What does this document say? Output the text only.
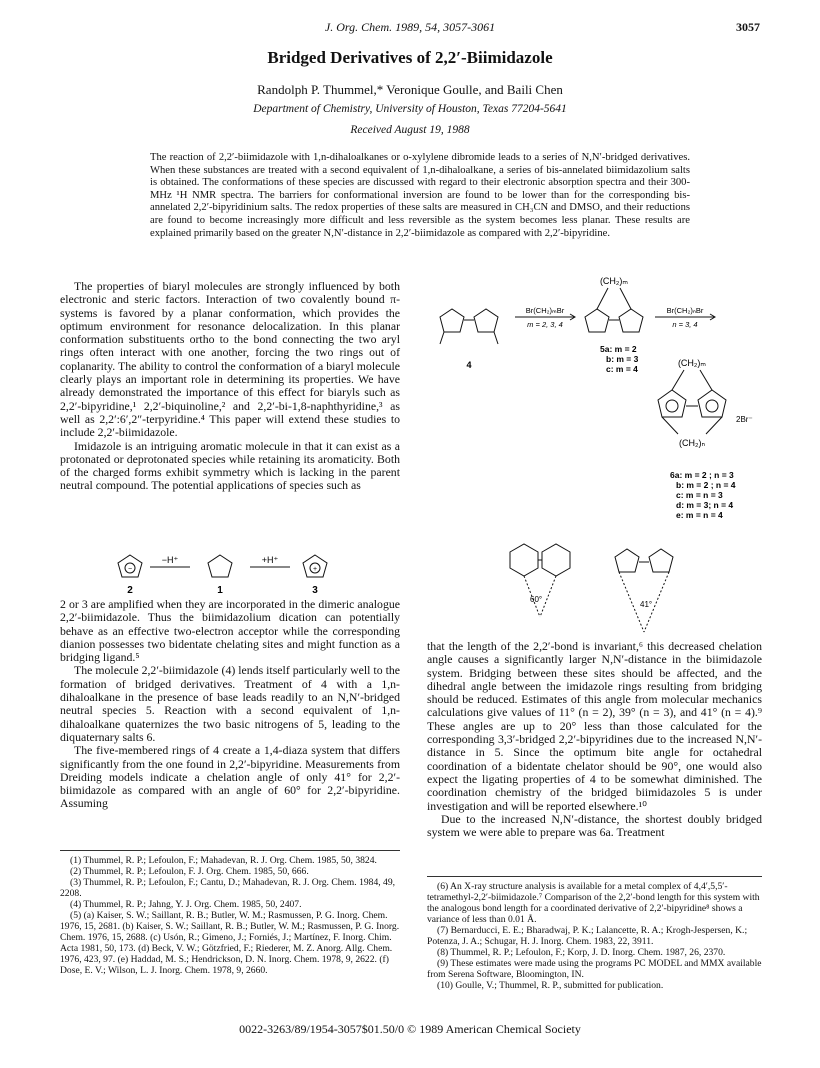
J. Org. Chem. 1989, 54, 3057-3061	3057
Bridged Derivatives of 2,2′-Biimidazole
Randolph P. Thummel,* Veronique Goulle, and Baili Chen
Department of Chemistry, University of Houston, Texas 77204-5641
Received August 19, 1988
The reaction of 2,2′-biimidazole with 1,n-dihaloalkanes or o-xylylene dibromide leads to a series of N,N′-bridged derivatives. When these substances are treated with a second equivalent of 1,n-dihaloalkane, a series of bis-annelated biimidazolium salts is obtained. The conformations of these species are discussed with regard to their electronic absorption spectra and their 300-MHz ¹H NMR spectra. The barriers for conformational inversion are found to be lower than for the corresponding bis-annelated 2,2′-bipyridinium salts. The redox properties of these salts are measured in CH₃CN and DMSO, and their reductions are found to become increasingly more difficult and less reversible as the system becomes less planar. These results are explained primarily based on the greater N,N′-distance in 2,2′-biimidazole as compared with 2,2′-bipyridine.

The properties of biaryl molecules are strongly influenced by both electronic and steric factors. Interaction of two covalently bound π-systems is favored by a planar conformation, which provides the optimum environment for resonance delocalization. In this planar conformation substituents ortho to the bond connecting the two aryl rings often interact with one another, forcing the two rings out of coplanarity. The ability to control the conformation of a biaryl molecule clearly plays an important role in determining its properties. We have already demonstrated the importance of this effect for biaryls such as 2,2′-bipyridine,¹ 2,2′-biquinoline,² and 2,2′-bi-1,8-naphthyridine,³ as well as 2,2′:6′,2″-terpyridine.⁴ This paper will extend these studies to include 2,2′-biimidazole.

Imidazole is an intriguing aromatic molecule in that it can exist as a protonated or deprotonated species while retaining its aromaticity. Both of the charged forms exhibit symmetry which is lacking in the parent neutral compound. The potential applications of species such as

−	+
−H⁺	+H⁺
2	1	3

2 or 3 are amplified when they are incorporated in the dimeric analogue 2,2′-biimidazole. Thus the biimidazolium dication can potentially behave as an effective two-electron acceptor while the corresponding dianion possesses two bidentate chelating sites and might function as a bridging ligand.⁵

The molecule 2,2′-biimidazole (4) lends itself particularly well to the formation of bridged derivatives. Treatment of 4 with a 1,n-dihaloalkane in the presence of base leads readily to an N,N′-bridged neutral species 5. Reaction with a second equivalent of 1,n-dihaloalkane quaternizes the two basic nitrogens of 5, leading to the diquaternary salts 6.

The five-membered rings of 4 create a 1,4-diaza system that differs significantly from the one found in 2,2′-bipyridine. Measurements from Dreiding models indicate a chelation angle of only 41° for 2,2′-biimidazole as compared with an angle of 60° for 2,2′-bipyridine. Assuming

(CH₂)ₘ
Br(CH₂)ₘBr
m = 2, 3, 4
Br(CH₂)ₙBr
n = 3, 4
4
5a: m = 2
b: m = 3
c: m = 4
(CH₂)ₘ
(CH₂)ₙ
2Br⁻
6a: m = 2 ; n = 3
b: m = 2 ; n = 4
c: m = n = 3
d: m = 3; n = 4
e: m = n = 4
60°
41°

that the length of the 2,2′-bond is invariant,⁶ this decreased chelation angle causes a significantly larger N,N′-distance in the biimidazole system. Bridging between these sites should be affected, and the dihedral angle between the imidazole rings resulting from bridging should be reduced. Estimates of this angle from molecular mechanics calculations give values of 11° (n = 2), 39° (n = 3), and 41° (n = 4).⁹ These angles are up to 20° less than those calculated for the corresponding 3,3′-bridged 2,2′-bipyridines due to the increased N,N′-distance in 5. Since the optimum bite angle for octahedral coordination of a bidentate chelator should be 90°, one would also expect the ligating properties of 4 to be somewhat diminished. The coordination chemistry of the bridged biimidazoles 5 is under investigation and will be reported elsewhere.¹⁰

Due to the increased N,N′-distance, the shortest doubly bridged system we were able to prepare was 6a. Treatment

(1) Thummel, R. P.; Lefoulon, F.; Mahadevan, R. J. Org. Chem. 1985, 50, 3824.

(2) Thummel, R. P.; Lefoulon, F. J. Org. Chem. 1985, 50, 666.

(3) Thummel, R. P.; Lefoulon, F.; Cantu, D.; Mahadevan, R. J. Org. Chem. 1984, 49, 2208.

(4) Thummel, R. P.; Jahng, Y. J. Org. Chem. 1985, 50, 2407.

(5) (a) Kaiser, S. W.; Saillant, R. B.; Butler, W. M.; Rasmussen, P. G. Inorg. Chem. 1976, 15, 2681. (b) Kaiser, S. W.; Saillant, R. B.; Butler, W. M.; Rasmussen, P. G. Inorg. Chem. 1976, 15, 2688. (c) Usón, R.; Gimeno, J.; Forniés, J.; Martínez, F. Inorg. Chim. Acta 1981, 50, 173. (d) Beck, V. W.; Götzfried, F.; Riederer, M. Z. Anorg. Allg. Chem. 1976, 423, 97. (e) Haddad, M. S.; Hendrickson, D. N. Inorg. Chem. 1978, 9, 2622. (f) Dose, E. V.; Wilson, L. J. Inorg. Chem. 1978, 9, 2660.

(6) An X-ray structure analysis is available for a metal complex of 4,4′,5,5′-tetramethyl-2,2′-biimidazole.⁷ Comparison of the 2,2′-bond length for this system with the analogous bond length for a coordinated derivative of 2,2′-bipyridine⁸ shows a variance of less than 0.01 Å.

(7) Bernarducci, E. E.; Bharadwaj, P. K.; Lalancette, R. A.; Krogh-Jespersen, K.; Potenza, J. A.; Schugar, H. J. Inorg. Chem. 1983, 22, 3911.

(8) Thummel, R. P.; Lefoulon, F.; Korp, J. D. Inorg. Chem. 1987, 26, 2370.

(9) These estimates were made using the programs PC MODEL and MMX available from Serena Software, Bloomington, IN.

(10) Goulle, V.; Thummel, R. P., submitted for publication.

0022-3263/89/1954-3057$01.50/0 © 1989 American Chemical Society
